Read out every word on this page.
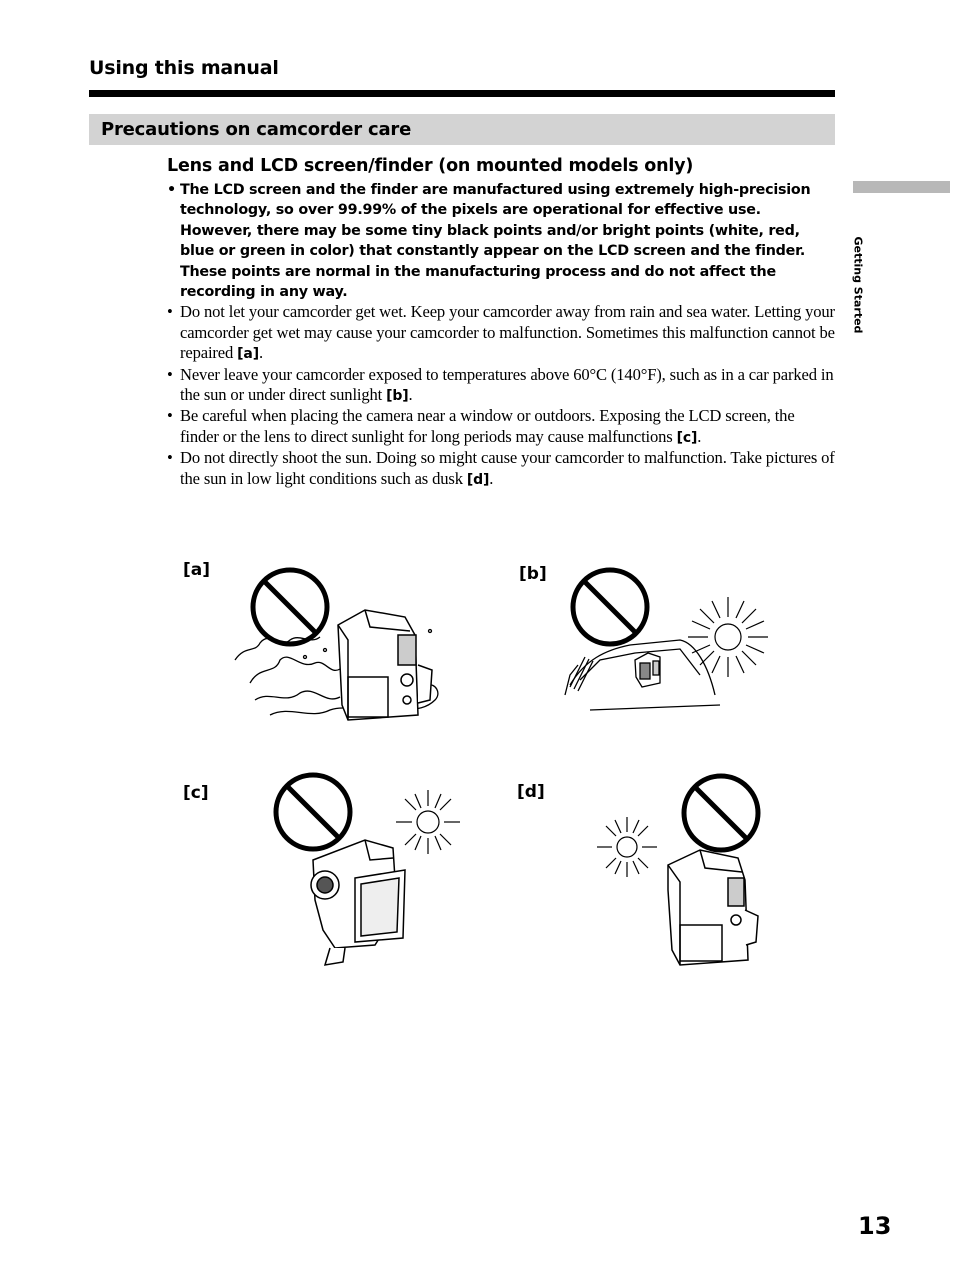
Using this manual
Precautions on camcorder care
Getting Started
Lens and LCD screen/finder (on mounted models only)
• The LCD screen and the finder are manufactured using extremely high-precision technology, so over 99.99% of the pixels are operational for effective use. However, there may be some tiny black points and/or bright points (white, red, blue or green in color) that constantly appear on the LCD screen and the finder. These points are normal in the manufacturing process and do not affect the recording in any way.
• Do not let your camcorder get wet. Keep your camcorder away from rain and sea water. Letting your camcorder get wet may cause your camcorder to malfunction. Sometimes this malfunction cannot be repaired [a].
• Never leave your camcorder exposed to temperatures above 60°C (140°F), such as in a car parked in the sun or under direct sunlight [b].
• Be careful when placing the camera near a window or outdoors. Exposing the LCD screen, the finder or the lens to direct sunlight for long periods may cause malfunctions [c].
• Do not directly shoot the sun. Doing so might cause your camcorder to malfunction. Take pictures of the sun in low light conditions such as dusk [d].
[a]	[b]
[c]	[d]
13
